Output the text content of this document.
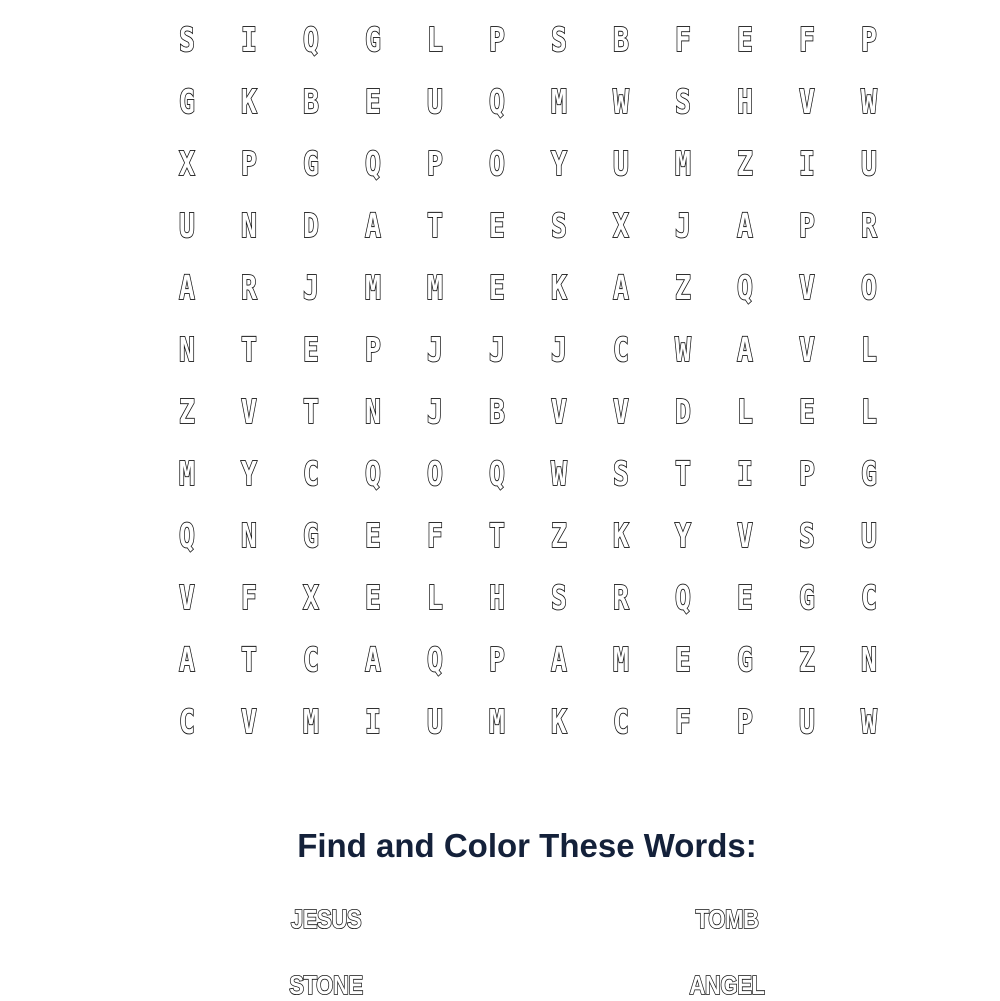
S	I	Q	G	L	P	S	B	F	E	F	P
G	K	B	E	U	Q	M	W	S	H	V	W
X	P	G	Q	P	O	Y	U	M	Z	I	U
U	N	D	A	T	E	S	X	J	A	P	R
A	R	J	M	M	E	K	A	Z	Q	V	O
N	T	E	P	J	J	J	C	W	A	V	L
Z	V	T	N	J	B	V	V	D	L	E	L
M	Y	C	Q	O	Q	W	S	T	I	P	G
Q	N	G	E	F	T	Z	K	Y	V	S	U
V	F	X	E	L	H	S	R	Q	E	G	C
A	T	C	A	Q	P	A	M	E	G	Z	N
C	V	M	I	U	M	K	C	F	P	U	W
Find and Color These Words:
JESUS	TOMB
STONE	ANGEL
